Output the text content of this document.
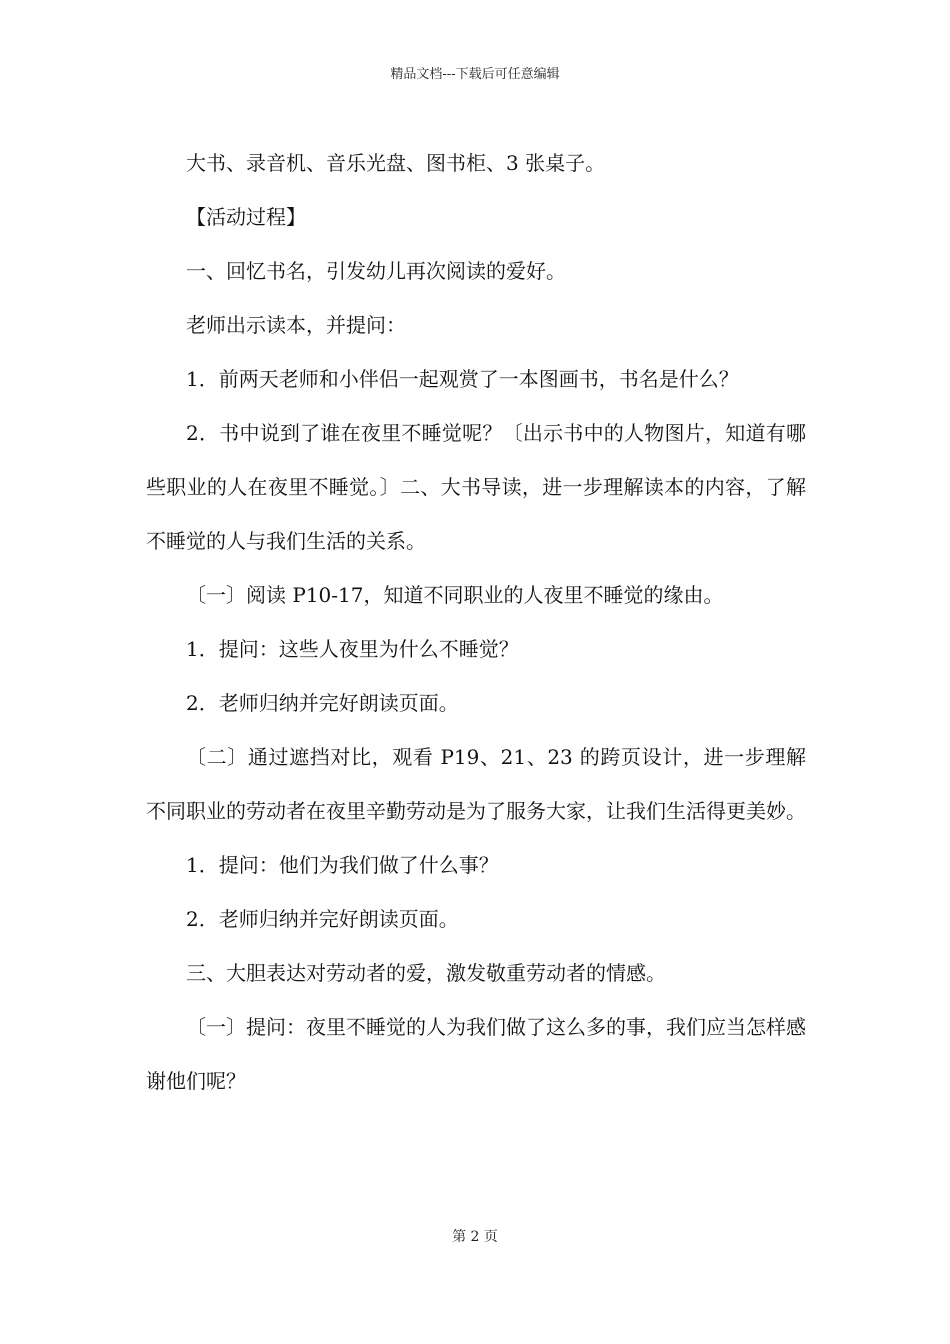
精品文档---下载后可任意编辑

大书、录音机、音乐光盘、图书柜、3 张桌子。

【活动过程】

一、回忆书名，引发幼儿再次阅读的爱好。

老师出示读本，并提问：

1．前两天老师和小伴侣一起观赏了一本图画书，书名是什么？

2．书中说到了谁在夜里不睡觉呢？〔出示书中的人物图片，知道有哪些职业的人在夜里不睡觉。〕二、大书导读，进一步理解读本的内容，了解不睡觉的人与我们生活的关系。

〔一〕阅读 P10-17，知道不同职业的人夜里不睡觉的缘由。

1．提问：这些人夜里为什么不睡觉？

2．老师归纳并完好朗读页面。

〔二〕通过遮挡对比，观看 P19、21、23 的跨页设计，进一步理解不同职业的劳动者在夜里辛勤劳动是为了服务大家，让我们生活得更美妙。

1．提问：他们为我们做了什么事？

2．老师归纳并完好朗读页面。

三、大胆表达对劳动者的爱，激发敬重劳动者的情感。

〔一〕提问：夜里不睡觉的人为我们做了这么多的事，我们应当怎样感谢他们呢？

第 2 页
